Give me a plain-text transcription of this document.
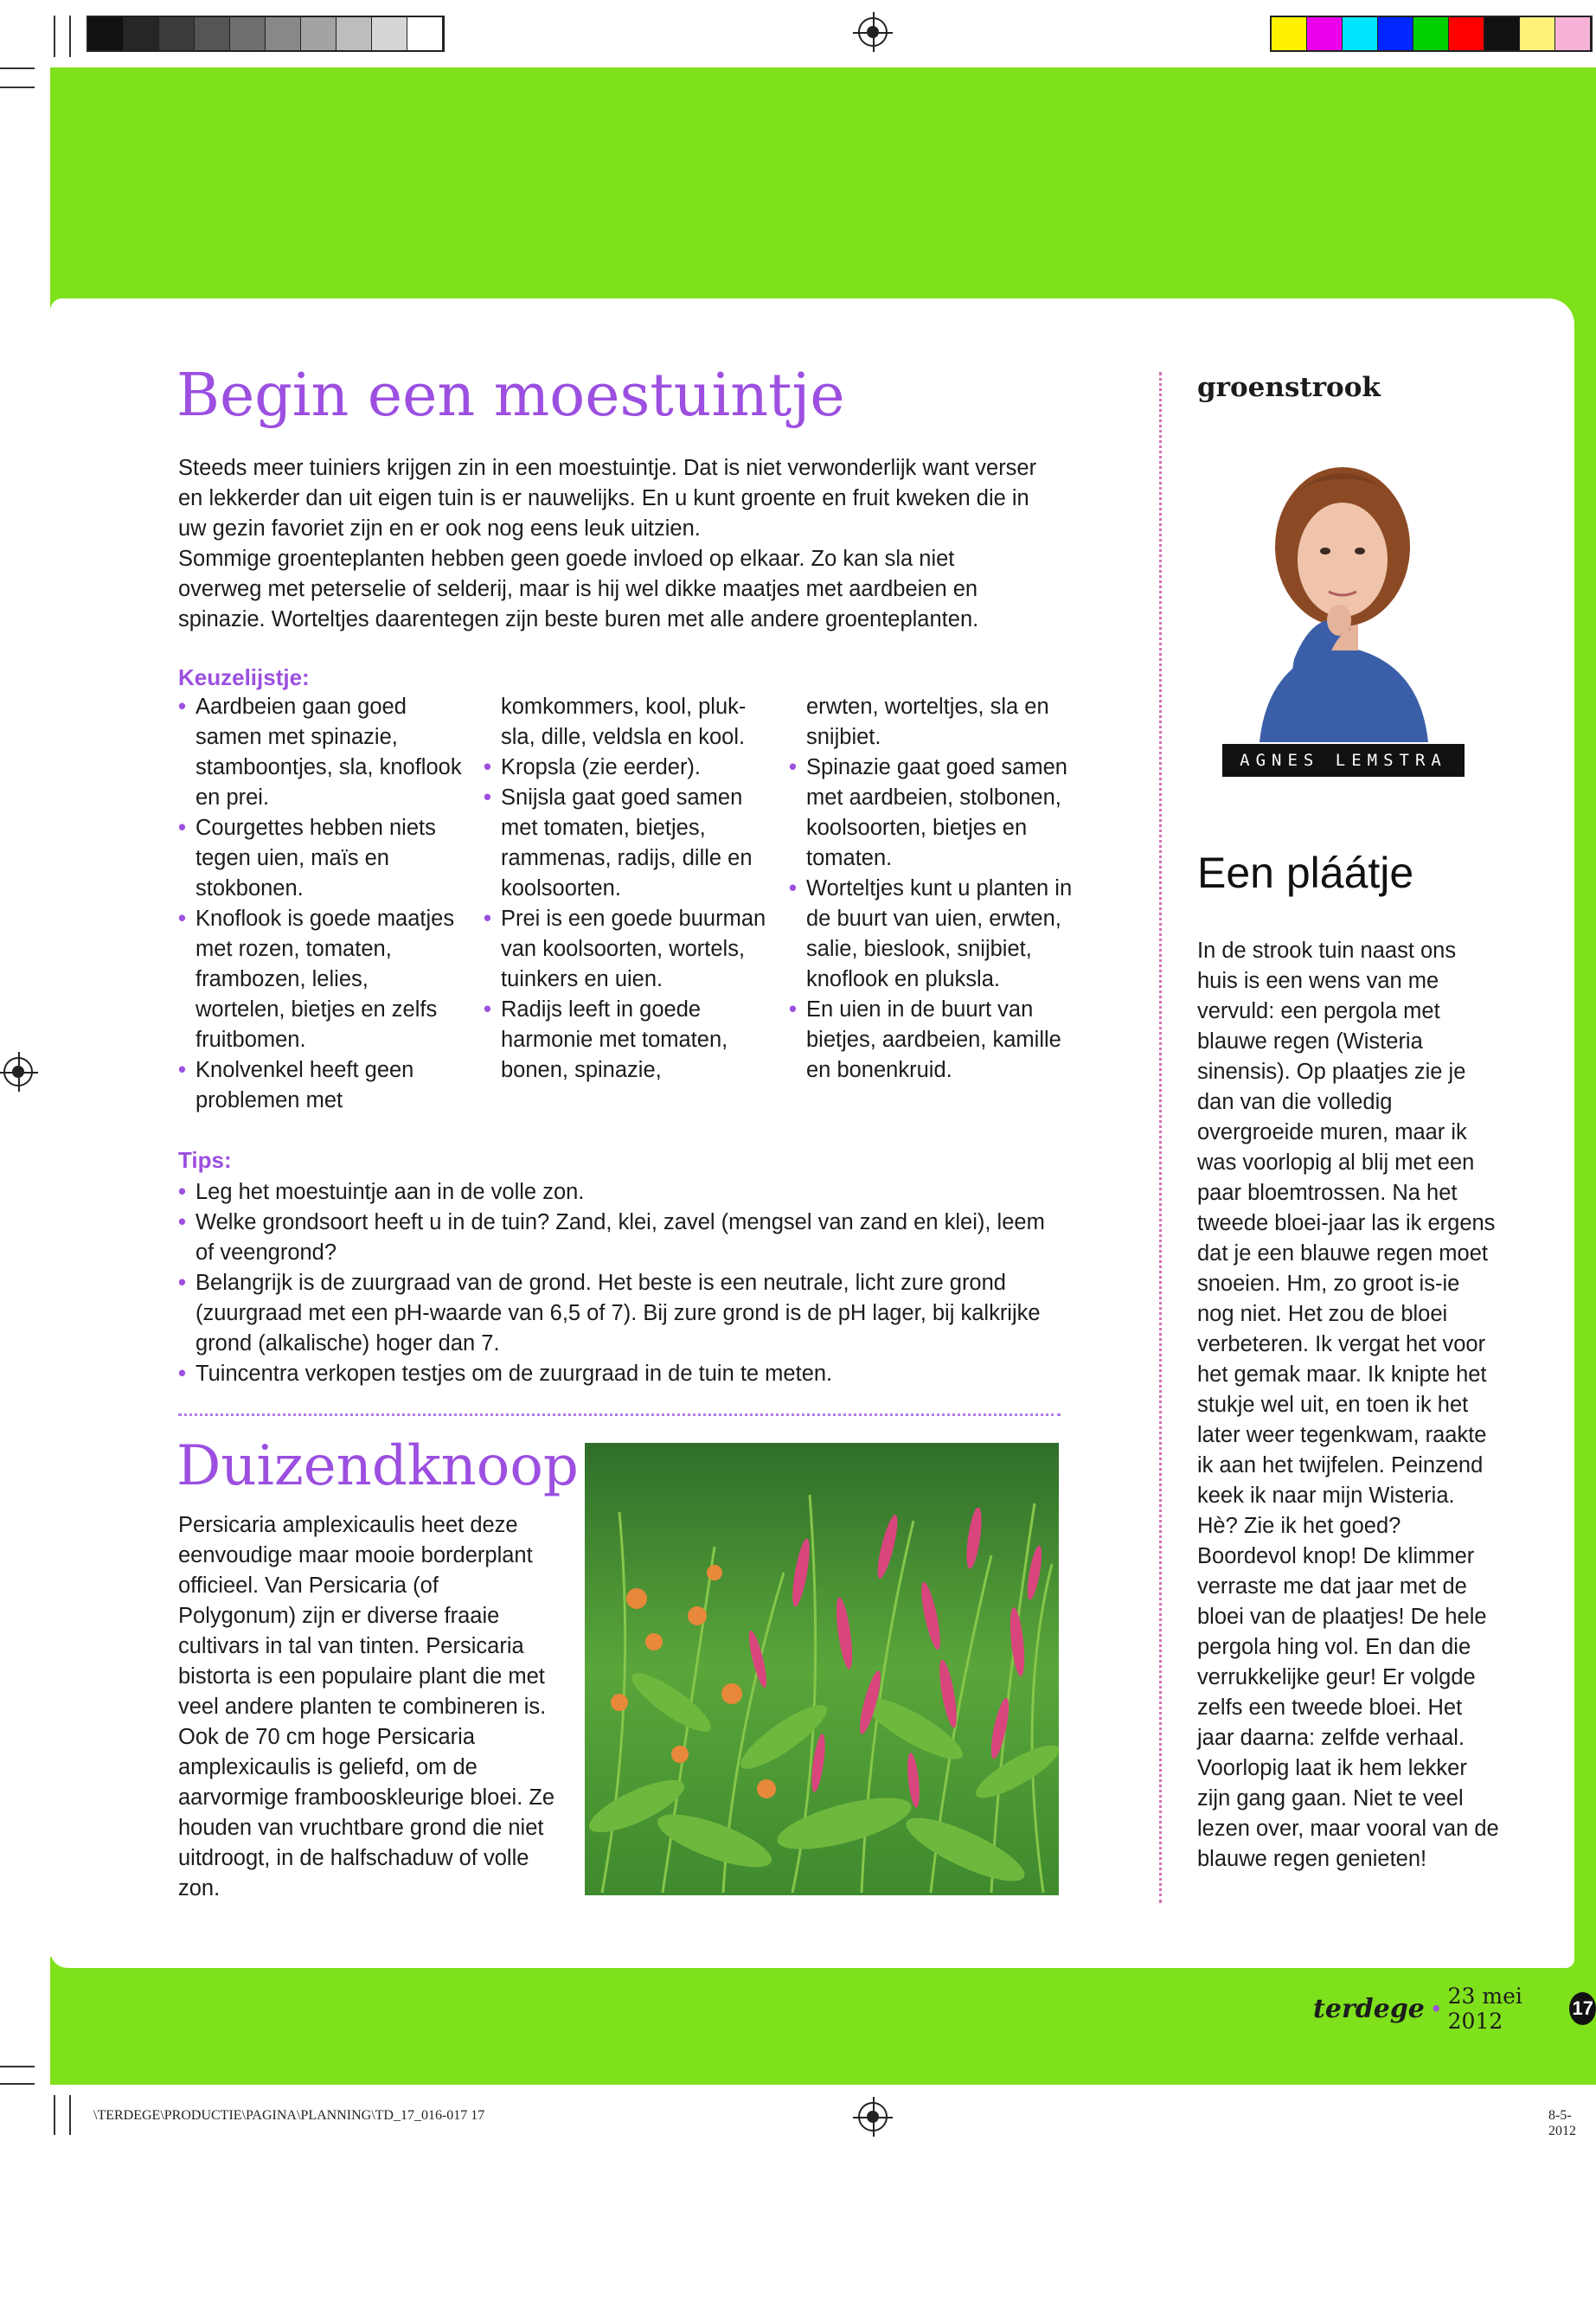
Begin een moestuintje

Steeds meer tuiniers krijgen zin in een moestuintje. Dat is niet verwonderlijk want verser en lekkerder dan uit eigen tuin is er nauwelijks. En u kunt groente en fruit kweken die in uw gezin favoriet zijn en er ook nog eens leuk uitzien.

Sommige groenteplanten hebben geen goede invloed op elkaar. Zo kan sla niet overweg met peterselie of selderij, maar is hij wel dikke maatjes met aardbeien en spinazie. Worteltjes daarentegen zijn beste buren met alle andere groenteplanten.

Keuzelijstje:
• Aardbeien gaan goed samen met spinazie, stamboontjes, sla, knoflook en prei.
• Courgettes hebben niets tegen uien, maïs en stokbonen.
• Knoflook is goede maatjes met rozen, tomaten, frambozen, lelies, wortelen, bietjes en zelfs fruitbomen.
• Knolvenkel heeft geen problemen met
komkommers, kool, pluk-sla, dille, veldsla en kool.
• Kropsla (zie eerder).
• Snijsla gaat goed samen met tomaten, bietjes, rammenas, radijs, dille en koolsoorten.
• Prei is een goede buurman van koolsoorten, wortels, tuinkers en uien.
• Radijs leeft in goede harmonie met tomaten, bonen, spinazie,
erwten, worteltjes, sla en snijbiet.
• Spinazie gaat goed samen met aardbeien, stolbonen, koolsoorten, bietjes en tomaten.
• Worteltjes kunt u planten in de buurt van uien, erwten, salie, bieslook, snijbiet, knoflook en pluksla.
• En uien in de buurt van bietjes, aardbeien, kamille en bonenkruid.
Tips:
• Leg het moestuintje aan in de volle zon.
• Welke grondsoort heeft u in de tuin? Zand, klei, zavel (mengsel van zand en klei), leem of veengrond?
• Belangrijk is de zuurgraad van de grond. Het beste is een neutrale, licht zure grond (zuurgraad met een pH-waarde van 6,5 of 7). Bij zure grond is de pH lager, bij kalkrijke grond (alkalische) hoger dan 7.
• Tuincentra verkopen testjes om de zuurgraad in de tuin te meten.
Duizendknoop

Persicaria amplexicaulis heet deze eenvoudige maar mooie borderplant officieel. Van Persicaria (of Polygonum) zijn er diverse fraaie cultivars in tal van tinten. Persicaria bistorta is een populaire plant die met veel andere planten te combineren is. Ook de 70 cm hoge Persicaria amplexicaulis is geliefd, om de aarvormige frambooskleurige bloei. Ze houden van vruchtbare grond die niet uitdroogt, in de halfschaduw of volle zon.

groenstrook
AGNES LEMSTRA
Een pláátje

In de strook tuin naast ons huis is een wens van me vervuld: een pergola met blauwe regen (Wisteria sinensis). Op plaatjes zie je dan van die volledig overgroeide muren, maar ik was voorlopig al blij met een paar bloemtrossen. Na het tweede bloei-jaar las ik ergens dat je een blauwe regen moet snoeien. Hm, zo groot is-ie nog niet. Het zou de bloei verbeteren. Ik vergat het voor het gemak maar. Ik knipte het stukje wel uit, en toen ik het later weer tegenkwam, raakte ik aan het twijfelen. Peinzend keek ik naar mijn Wisteria. Hè? Zie ik het goed? Boordevol knop! De klimmer verraste me dat jaar met de bloei van de plaatjes! De hele pergola hing vol. En dan die verrukkelijke geur! Er volgde zelfs een tweede bloei. Het jaar daarna: zelfde verhaal. Voorlopig laat ik hem lekker zijn gang gaan. Niet te veel lezen over, maar vooral van de blauwe regen genieten!

terdege • 23 mei 2012
17
\TERDEGE\PRODUCTIE\PAGINA\PLANNING\TD_17_016-017 17	8-5-2012
